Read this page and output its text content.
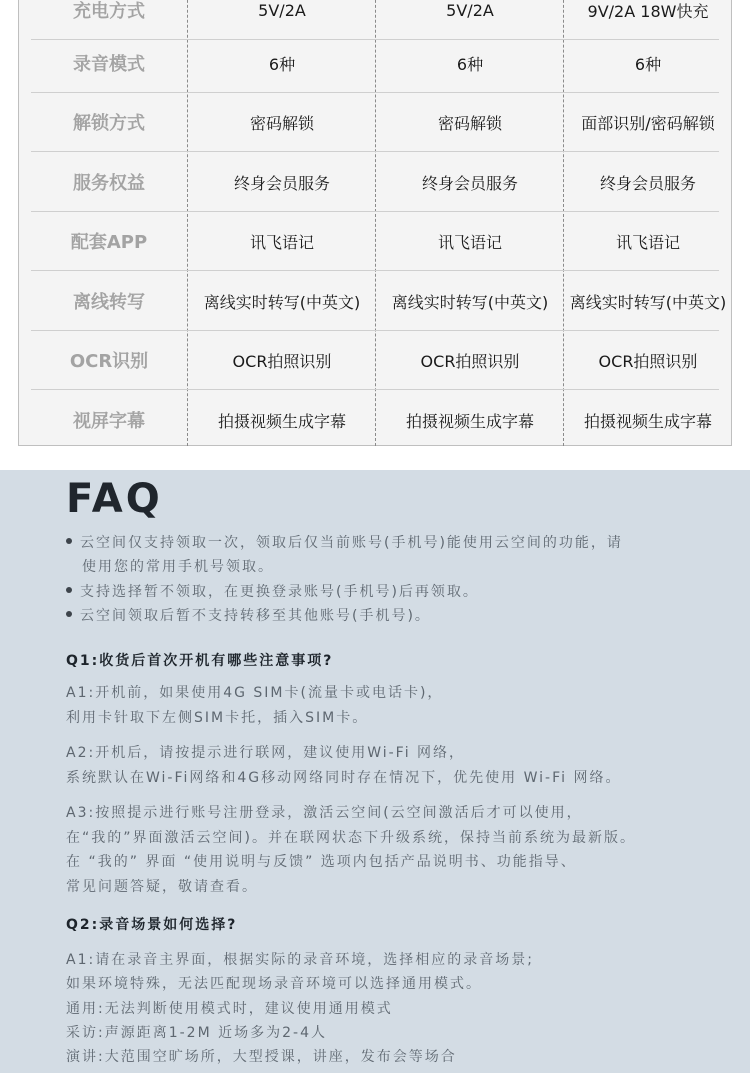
充电方式	5V/2A	5V/2A	9V/2A 18W快充
录音模式	6种	6种	6种
解锁方式	密码解锁	密码解锁	面部识别/密码解锁
服务权益	终身会员服务	终身会员服务	终身会员服务
配套APP	讯飞语记	讯飞语记	讯飞语记
离线转写	离线实时转写(中英文)	离线实时转写(中英文)	离线实时转写(中英文)
OCR识别	OCR拍照识别	OCR拍照识别	OCR拍照识别
视屏字幕	拍摄视频生成字幕	拍摄视频生成字幕	拍摄视频生成字幕
FAQ
云空间仅支持领取一次，领取后仅当前账号(手机号)能使用云空间的功能，请
使用您的常用手机号领取。
支持选择暂不领取，在更换登录账号(手机号)后再领取。
云空间领取后暂不支持转移至其他账号(手机号)。
Q1:收货后首次开机有哪些注意事项?
A1:开机前，如果使用4G SIM卡(流量卡或电话卡)，
利用卡针取下左侧SIM卡托，插入SIM卡。
A2:开机后，请按提示进行联网，建议使用Wi-Fi 网络，
系统默认在Wi-Fi网络和4G移动网络同时存在情况下，优先使用 Wi-Fi 网络。
A3:按照提示进行账号注册登录，激活云空间(云空间激活后才可以使用，
在“我的”界面激活云空间)。并在联网状态下升级系统，保持当前系统为最新版。
在 “我的” 界面 “使用说明与反馈” 选项内包括产品说明书、功能指导、
常见问题答疑，敬请查看。
Q2:录音场景如何选择?
A1:请在录音主界面，根据实际的录音环境，选择相应的录音场景;
如果环境特殊，无法匹配现场录音环境可以选择通用模式。
通用:无法判断使用模式时，建议使用通用模式
采访:声源距离1-2M 近场多为2-4人
演讲:大范围空旷场所，大型授课，讲座，发布会等场合
